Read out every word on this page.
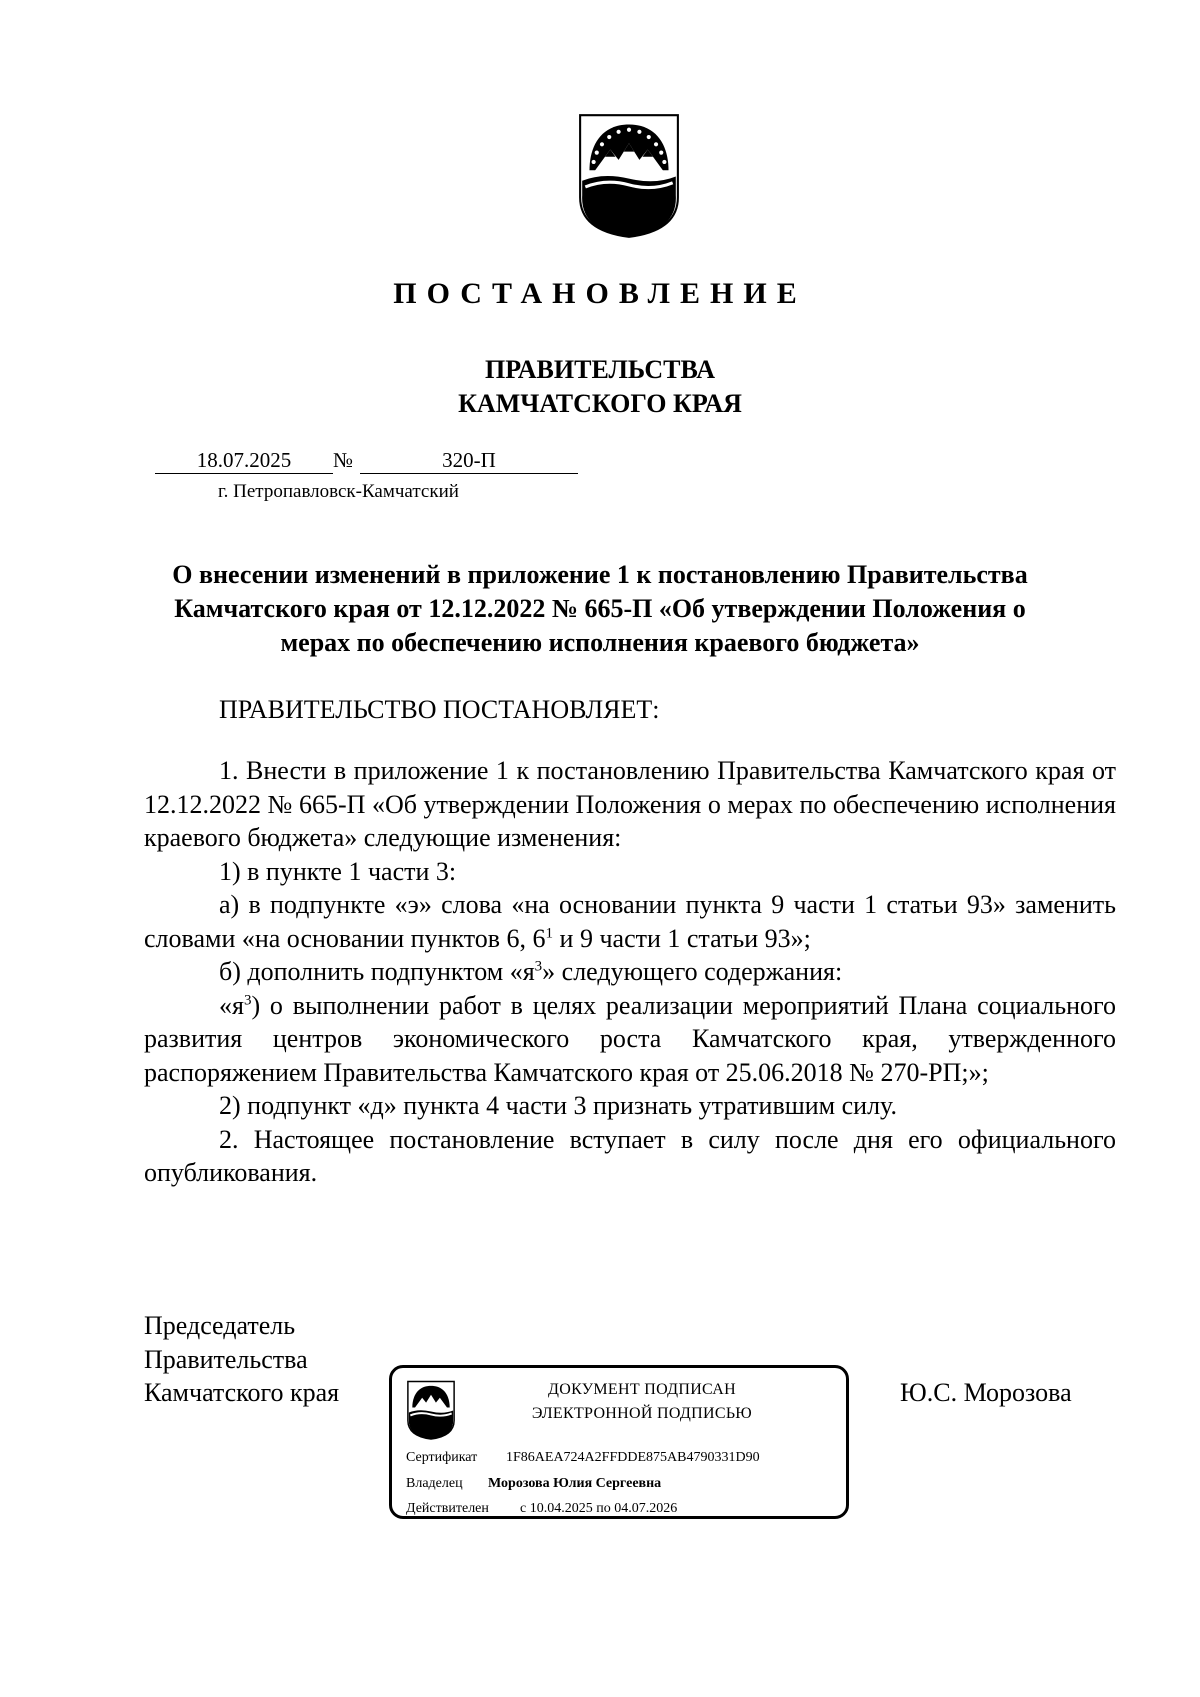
ПОСТАНОВЛЕНИЕ
ПРАВИТЕЛЬСТВА
КАМЧАТСКОГО КРАЯ
18.07.2025	№	320-П
г. Петропавловск-Камчатский
О внесении изменений в приложение 1 к постановлению Правительства Камчатского края от 12.12.2022 № 665-П «Об утверждении Положения о мерах по обеспечению исполнения краевого бюджета»

ПРАВИТЕЛЬСТВО ПОСТАНОВЛЯЕТ:

1. Внести в приложение 1 к постановлению Правительства Камчатского края от 12.12.2022 № 665-П «Об утверждении Положения о мерах по обеспечению исполнения краевого бюджета» следующие изменения:

1) в пункте 1 части 3:

а) в подпункте «э» слова «на основании пункта 9 части 1 статьи 93» заменить словами «на основании пунктов 6, $6^1$ и 9 части 1 статьи 93»;

б) дополнить подпунктом «$я^3$» следующего содержания:

«$я^3$) о выполнении работ в целях реализации мероприятий Плана социального развития центров экономического роста Камчатского края, утвержденного распоряжением Правительства Камчатского края от 25.06.2018 № 270-РП;»;

2) подпункт «д» пункта 4 части 3 признать утратившим силу.

2. Настоящее постановление вступает в силу после дня его официального опубликования.

Председатель
Правительства
Камчатского края	Ю.С. Морозова
ДОКУМЕНТ ПОДПИСАН
ЭЛЕКТРОННОЙ ПОДПИСЬЮ
Сертификат 1F86AEA724A2FFDDE875AB4790331D90
Владелец Морозова Юлия Сергеевна
Действителен с 10.04.2025 по 04.07.2026
